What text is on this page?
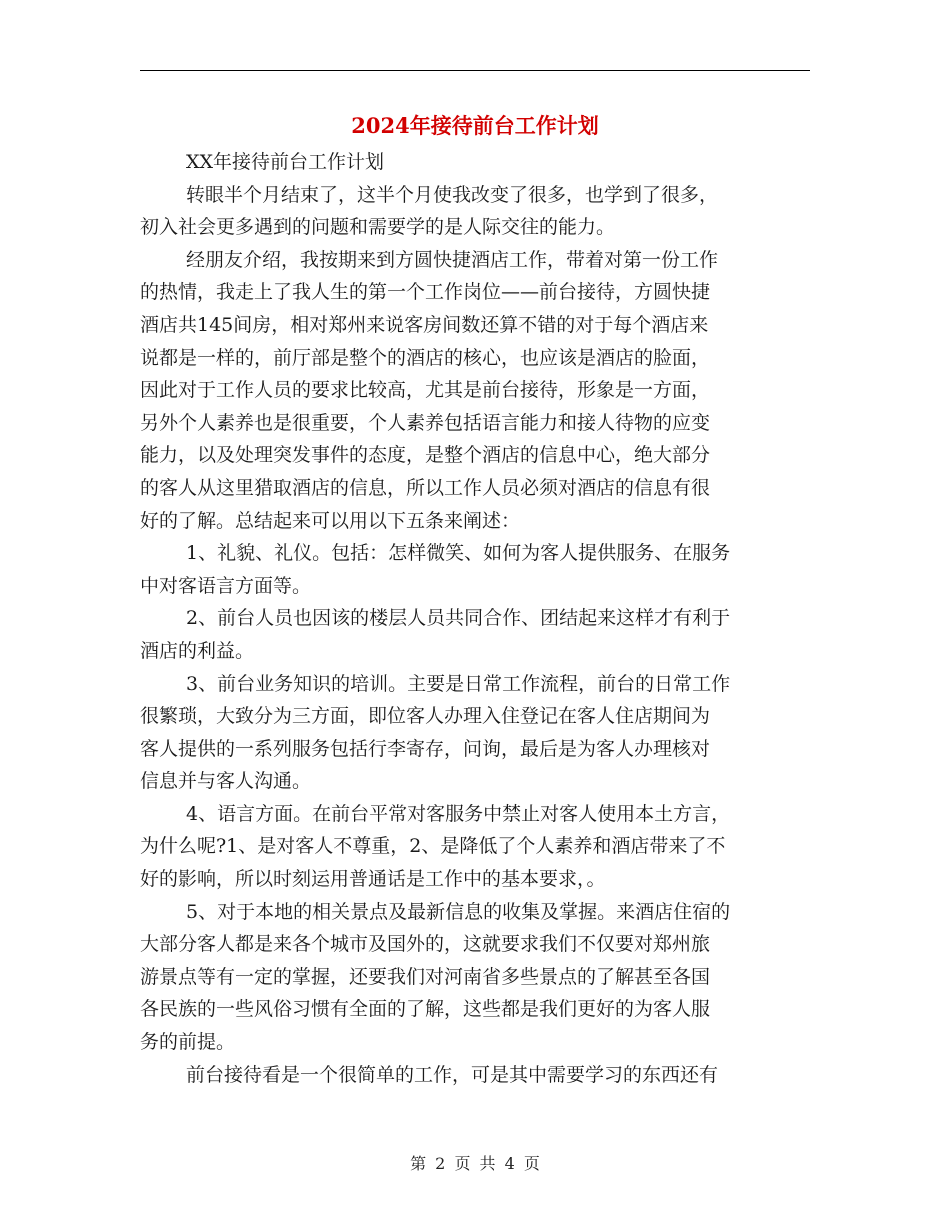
2024年接待前台工作计划
XX年接待前台工作计划
转眼半个月结束了，这半个月使我改变了很多，也学到了很多，
初入社会更多遇到的问题和需要学的是人际交往的能力。
经朋友介绍，我按期来到方圆快捷酒店工作，带着对第一份工作
的热情，我走上了我人生的第一个工作岗位——前台接待，方圆快捷
酒店共145间房，相对郑州来说客房间数还算不错的对于每个酒店来
说都是一样的，前厅部是整个的酒店的核心，也应该是酒店的脸面，
因此对于工作人员的要求比较高，尤其是前台接待，形象是一方面，
另外个人素养也是很重要，个人素养包括语言能力和接人待物的应变
能力，以及处理突发事件的态度，是整个酒店的信息中心，绝大部分
的客人从这里猎取酒店的信息，所以工作人员必须对酒店的信息有很
好的了解。总结起来可以用以下五条来阐述：
1、礼貌、礼仪。包括：怎样微笑、如何为客人提供服务、在服务
中对客语言方面等。
2、前台人员也因该的楼层人员共同合作、团结起来这样才有利于
酒店的利益。
3、前台业务知识的培训。主要是日常工作流程，前台的日常工作
很繁琐，大致分为三方面，即位客人办理入住登记在客人住店期间为
客人提供的一系列服务包括行李寄存，问询，最后是为客人办理核对
信息并与客人沟通。
4、语言方面。在前台平常对客服务中禁止对客人使用本土方言，
为什么呢?1、是对客人不尊重，2、是降低了个人素养和酒店带来了不
好的影响，所以时刻运用普通话是工作中的基本要求，。
5、对于本地的相关景点及最新信息的收集及掌握。来酒店住宿的
大部分客人都是来各个城市及国外的，这就要求我们不仅要对郑州旅
游景点等有一定的掌握，还要我们对河南省多些景点的了解甚至各国
各民族的一些风俗习惯有全面的了解，这些都是我们更好的为客人服
务的前提。
前台接待看是一个很简单的工作，可是其中需要学习的东西还有
第 2 页 共 4 页
